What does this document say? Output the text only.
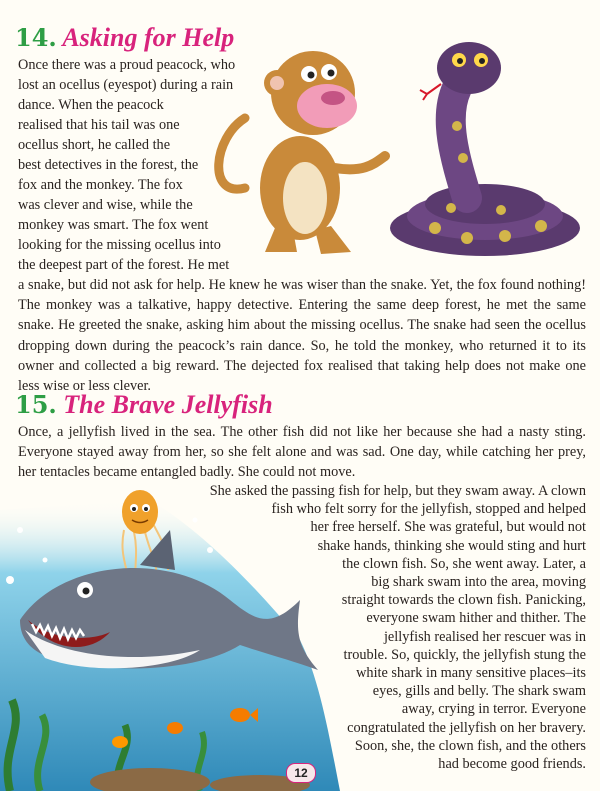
14. Asking for Help
Once there was a proud peacock, who
lost an ocellus (eyespot) during a rain
dance. When the peacock
realised that his tail was one
ocellus short, he called the
best detectives in the forest, the
fox and the monkey. The fox
was clever and wise, while the
monkey was smart. The fox went
looking for the missing ocellus into
the deepest part of the forest. He met

a snake, but did not ask for help. He knew he was wiser than the snake. Yet, the fox found nothing! The monkey was a talkative, happy detective. Entering the same deep forest, he met the same snake. He greeted the snake, asking him about the missing ocellus. The snake had seen the ocellus dropping down during the peacock’s rain dance. So, he told the monkey, who returned it to its owner and collected a big reward. The dejected fox realised that taking help does not make one less wise or less clever.

15. The Brave Jellyfish

Once, a jellyfish lived in the sea. The other fish did not like her because she had a nasty sting. Everyone stayed away from her, so she felt alone and was sad. One day, while catching her prey, her tentacles became entangled badly. She could not move.

She asked the passing fish for help, but they swam away. A clown
fish who felt sorry for the jellyfish, stopped and helped
her free herself. She was grateful, but would not
shake hands, thinking she would sting and hurt
the clown fish. So, she went away. Later, a
big shark swam into the area, moving
straight towards the clown fish. Panicking,
everyone swam hither and thither. The
jellyfish realised her rescuer was in
trouble. So, quickly, the jellyfish stung the
white shark in many sensitive places–its
eyes, gills and belly. The shark swam
away, crying in terror. Everyone
congratulated the jellyfish on her bravery.
Soon, she, the clown fish, and the others
had become good friends.
12
